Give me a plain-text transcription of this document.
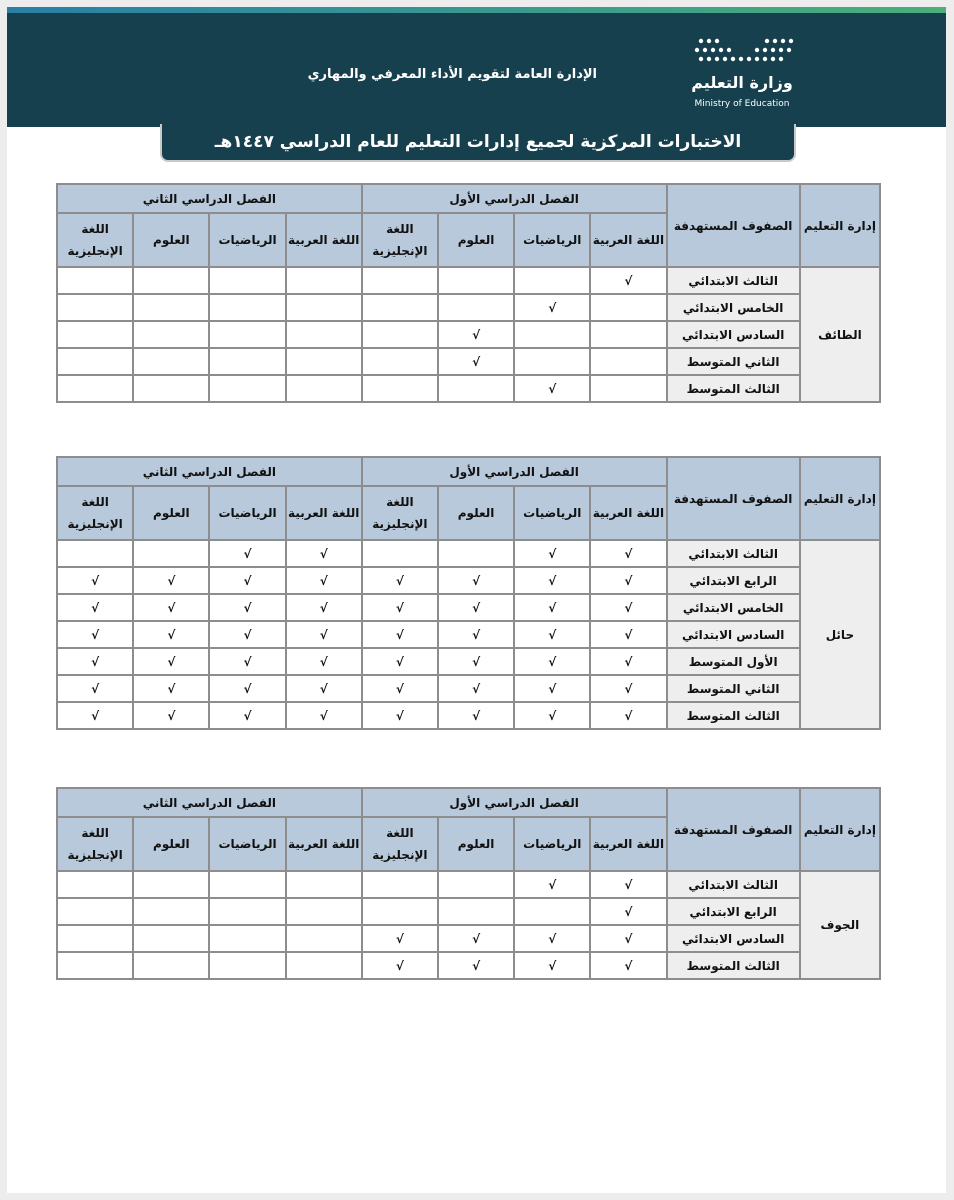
الإدارة العامة لتقويم الأداء المعرفي والمهاري	وزارة التعليم
Ministry of Education
الاختبارات المركزية لجميع إدارات التعليم للعام الدراسي ١٤٤٧هـ
إدارة التعليم	الصفوف المستهدفة	الفصل الدراسي الأول				الفصل الدراسي الثاني			
		اللغة العربية	الرياضيات	العلوم	اللغة الإنجليزية	اللغة العربية	الرياضيات	العلوم	اللغة الإنجليزية
الطائف	الثالث الابتدائي	√							
	الخامس الابتدائي		√						
	السادس الابتدائي			√					
	الثاني المتوسط			√					
	الثالث المتوسط		√						
إدارة التعليم	الصفوف المستهدفة	الفصل الدراسي الأول				الفصل الدراسي الثاني			
		اللغة العربية	الرياضيات	العلوم	اللغة الإنجليزية	اللغة العربية	الرياضيات	العلوم	اللغة الإنجليزية
حائل	الثالث الابتدائي	√	√			√	√		
	الرابع الابتدائي	√	√	√	√	√	√	√	√
	الخامس الابتدائي	√	√	√	√	√	√	√	√
	السادس الابتدائي	√	√	√	√	√	√	√	√
	الأول المتوسط	√	√	√	√	√	√	√	√
	الثاني المتوسط	√	√	√	√	√	√	√	√
	الثالث المتوسط	√	√	√	√	√	√	√	√
إدارة التعليم	الصفوف المستهدفة	الفصل الدراسي الأول				الفصل الدراسي الثاني			
		اللغة العربية	الرياضيات	العلوم	اللغة الإنجليزية	اللغة العربية	الرياضيات	العلوم	اللغة الإنجليزية
الجوف	الثالث الابتدائي	√	√						
	الرابع الابتدائي	√							
	السادس الابتدائي	√	√	√	√				
	الثالث المتوسط	√	√	√	√				
